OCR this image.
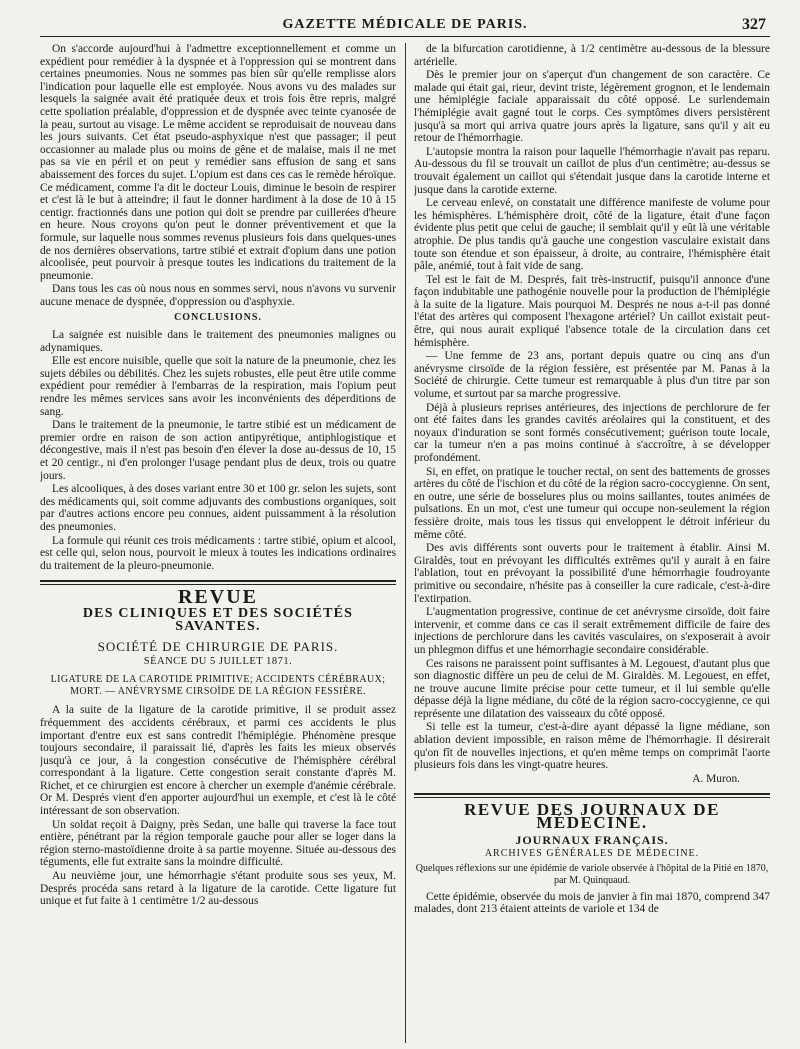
GAZETTE MÉDICALE DE PARIS.	327

On s'accorde aujourd'hui à l'admettre exceptionnellement et comme un expédient pour remédier à la dyspnée et à l'oppression qui se montrent dans certaines pneumonies. Nous ne sommes pas bien sûr qu'elle remplisse alors l'indication pour laquelle elle est employée. Nous avons vu des malades sur lesquels la saignée avait été pratiquée deux et trois fois être repris, malgré cette spoliation préalable, d'oppression et de dyspnée avec teinte cyanosée de la peau, surtout au visage. Le même accident se reproduisait de nouveau dans les jours suivants. Cet état pseudo-asphyxique n'est que passager; il peut occasionner au malade plus ou moins de gêne et de malaise, mais il ne met pas sa vie en péril et on peut y remédier sans effusion de sang et sans abaissement des forces du sujet. L'opium est dans ces cas le remède héroïque. Ce médicament, comme l'a dit le docteur Louis, diminue le besoin de respirer et c'est là le but à atteindre; il faut le donner hardiment à la dose de 10 à 15 centigr. fractionnés dans une potion qui doit se prendre par cuillerées d'heure en heure. Nous croyons qu'on peut le donner préventivement et que la formule, sur laquelle nous sommes revenus plusieurs fois dans quelques-unes de nos dernières observations, tartre stibié et extrait d'opium dans une potion alcoolisée, peut pourvoir à presque toutes les indications du traitement de la pneumonie.

Dans tous les cas où nous nous en sommes servi, nous n'avons vu survenir aucune menace de dyspnée, d'oppression ou d'asphyxie.

CONCLUSIONS.

La saignée est nuisible dans le traitement des pneumonies malignes ou adynamiques.

Elle est encore nuisible, quelle que soit la nature de la pneumonie, chez les sujets débiles ou débilités. Chez les sujets robustes, elle peut être utile comme expédient pour remédier à l'embarras de la respiration, mais l'opium peut rendre les mêmes services sans avoir les inconvénients des déperditions de sang.

Dans le traitement de la pneumonie, le tartre stibié est un médicament de premier ordre en raison de son action antipyrétique, antiphlogistique et décongestive, mais il n'est pas besoin d'en élever la dose au-dessus de 10, 15 et 20 centigr., ni d'en prolonger l'usage pendant plus de deux, trois ou quatre jours.

Les alcooliques, à des doses variant entre 30 et 100 gr. selon les sujets, sont des médicaments qui, soit comme adjuvants des combustions organiques, soit par d'autres actions encore peu connues, aident puissamment à la résolution des pneumonies.

La formule qui réunit ces trois médicaments : tartre stibié, opium et alcool, est celle qui, selon nous, pourvoit le mieux à toutes les indications ordinaires du traitement de la pleuro-pneumonie.

REVUE
DES CLINIQUES ET DES SOCIÉTÉS SAVANTES.
SOCIÉTÉ DE CHIRURGIE DE PARIS.
SÉANCE DU 5 JUILLET 1871.
LIGATURE DE LA CAROTIDE PRIMITIVE; ACCIDENTS CÉRÉBRAUX; MORT. — ANÉVRYSME CIRSOÏDE DE LA RÉGION FESSIÈRE.

A la suite de la ligature de la carotide primitive, il se produit assez fréquemment des accidents cérébraux, et parmi ces accidents le plus important d'entre eux est sans contredit l'hémiplégie. Phénomène presque toujours secondaire, il paraissait lié, d'après les faits les mieux observés jusqu'à ce jour, à la congestion consécutive de l'hémisphère cérébral correspondant à la ligature. Cette congestion serait constante d'après M. Richet, et ce chirurgien est encore à chercher un exemple d'anémie cérébrale. Or M. Després vient d'en apporter aujourd'hui un exemple, et c'est là le côté intéressant de son observation.

Un soldat reçoit à Daigny, près Sedan, une balle qui traverse la face tout entière, pénétrant par la région temporale gauche pour aller se loger dans la région sterno-mastoïdienne droite à sa partie moyenne. Située au-dessous des téguments, elle fut extraite sans la moindre difficulté.

Au neuvième jour, une hémorrhagie s'étant produite sous ses yeux, M. Després procéda sans retard à la ligature de la carotide. Cette ligature fut unique et fut faite à 1 centimètre 1/2 au-dessous

de la bifurcation carotidienne, à 1/2 centimètre au-dessous de la blessure artérielle.

Dès le premier jour on s'aperçut d'un changement de son caractère. Ce malade qui était gai, rieur, devint triste, légèrement grognon, et le lendemain une hémiplégie faciale apparaissait du côté opposé. Le surlendemain l'hémiplégie avait gagné tout le corps. Ces symptômes divers persistèrent jusqu'à sa mort qui arriva quatre jours après la ligature, sans qu'il y ait eu retour de l'hémorrhagie.

L'autopsie montra la raison pour laquelle l'hémorrhagie n'avait pas reparu. Au-dessous du fil se trouvait un caillot de plus d'un centimètre; au-dessus se trouvait également un caillot qui s'étendait jusque dans la carotide interne et jusque dans la carotide externe.

Le cerveau enlevé, on constatait une différence manifeste de volume pour les hémisphères. L'hémisphère droit, côté de la ligature, était d'une façon évidente plus petit que celui de gauche; il semblait qu'il y eût là une véritable atrophie. De plus tandis qu'à gauche une congestion vasculaire existait dans toute son étendue et son épaisseur, à droite, au contraire, l'hémisphère était pâle, anémié, tout à fait vide de sang.

Tel est le fait de M. Després, fait très-instructif, puisqu'il annonce d'une façon indubitable une pathogénie nouvelle pour la production de l'hémiplégie à la suite de la ligature. Mais pourquoi M. Després ne nous a-t-il pas donné l'état des artères qui composent l'hexagone artériel? Un caillot existait peut-être, qui nous aurait expliqué l'absence totale de la circulation dans cet hémisphère.

— Une femme de 23 ans, portant depuis quatre ou cinq ans d'un anévrysme cirsoïde de la région fessière, est présentée par M. Panas à la Société de chirurgie. Cette tumeur est remarquable à plus d'un titre par son volume, et surtout par sa marche progressive.

Déjà à plusieurs reprises antérieures, des injections de perchlorure de fer ont été faites dans les grandes cavités aréolaires qui la constituent, et des noyaux d'induration se sont formés consécutivement; guérison toute locale, car la tumeur n'en a pas moins continué à s'accroître, à se développer profondément.

Si, en effet, on pratique le toucher rectal, on sent des battements de grosses artères du côté de l'ischion et du côté de la région sacro-coccygienne. On sent, en outre, une série de bosselures plus ou moins saillantes, toutes animées de pulsations. En un mot, c'est une tumeur qui occupe non-seulement la région fessière droite, mais tous les tissus qui enveloppent le détroit inférieur du même côté.

Des avis différents sont ouverts pour le traitement à établir. Ainsi M. Giraldès, tout en prévoyant les difficultés extrêmes qu'il y aurait à en faire l'ablation, tout en prévoyant la possibilité d'une hémorrhagie foudroyante primitive ou secondaire, n'hésite pas à conseiller la cure radicale, c'est-à-dire l'extirpation.

L'augmentation progressive, continue de cet anévrysme cirsoïde, doit faire intervenir, et comme dans ce cas il serait extrêmement difficile de faire des injections de perchlorure dans les cavités vasculaires, on s'exposerait à avoir un phlegmon diffus et une hémorrhagie secondaire considérable.

Ces raisons ne paraissent point suffisantes à M. Legouest, d'autant plus que son diagnostic diffère un peu de celui de M. Giraldès. M. Legouest, en effet, ne trouve aucune limite précise pour cette tumeur, et il lui semble qu'elle dépasse déjà la ligne médiane, du côté de la région sacro-coccygienne, ce qui représente une dilatation des vaisseaux du côté opposé.

Si telle est la tumeur, c'est-à-dire ayant dépassé la ligne médiane, son ablation devient impossible, en raison même de l'hémorrhagie. Il désirerait qu'on fît de nouvelles injections, et qu'en même temps on comprimât l'aorte plusieurs fois dans les vingt-quatre heures.

A. Muron.
REVUE DES JOURNAUX DE MÉDECINE.
JOURNAUX FRANÇAIS.
ARCHIVES GÉNÉRALES DE MÉDECINE.
Quelques réflexions sur une épidémie de variole observée à l'hôpital de la Pitié en 1870, par M. Quinquaud.

Cette épidémie, observée du mois de janvier à fin mai 1870, comprend 347 malades, dont 213 étaient atteints de variole et 134 de
